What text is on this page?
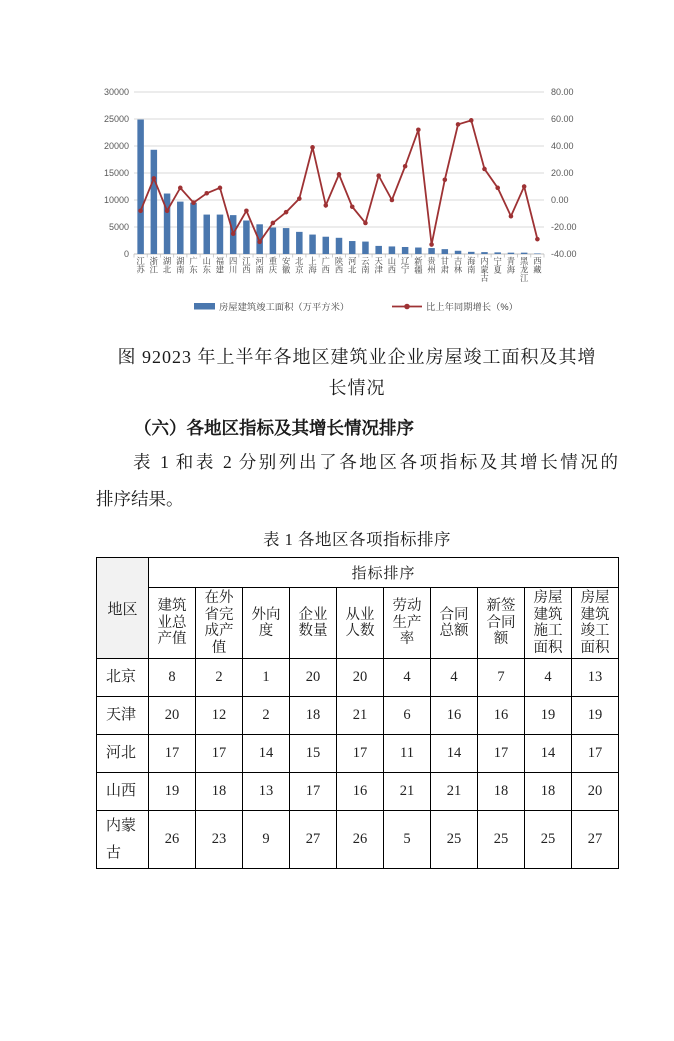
30000	80.00
25000	60.00
20000	40.00
15000	20.00
10000	0.00
5000	-20.00
0	-40.00
江苏
浙江
湖北
湖南
广东
山东
福建
四川
江西
河南
重庆
安徽
北京
上海
广西
陕西
河北
云南
天津
山西
辽宁
新疆
贵州
甘肃
吉林
海南
内蒙古
宁夏
青海
黑龙江
西藏
房屋建筑竣工面积（万平方米）	比上年同期增长（%）
图 92023 年上半年各地区建筑业企业房屋竣工面积及其增
长情况
（六）各地区指标及其增长情况排序
表 1 和表 2 分别列出了各地区各项指标及其增长情况的
排序结果。
表 1 各地区各项指标排序
地区	指标排序									
	建筑业总产值	在外省完成产值	外向度	企业数量	从业人数	劳动生产率	合同总额	新签合同额	房屋建筑施工面积	房屋建筑竣工面积
北京	8	2	1	20	20	4	4	7	4	13
天津	20	12	2	18	21	6	16	16	19	19
河北	17	17	14	15	17	11	14	17	14	17
山西	19	18	13	17	16	21	21	18	18	20
内蒙古	26	23	9	27	26	5	25	25	25	27
